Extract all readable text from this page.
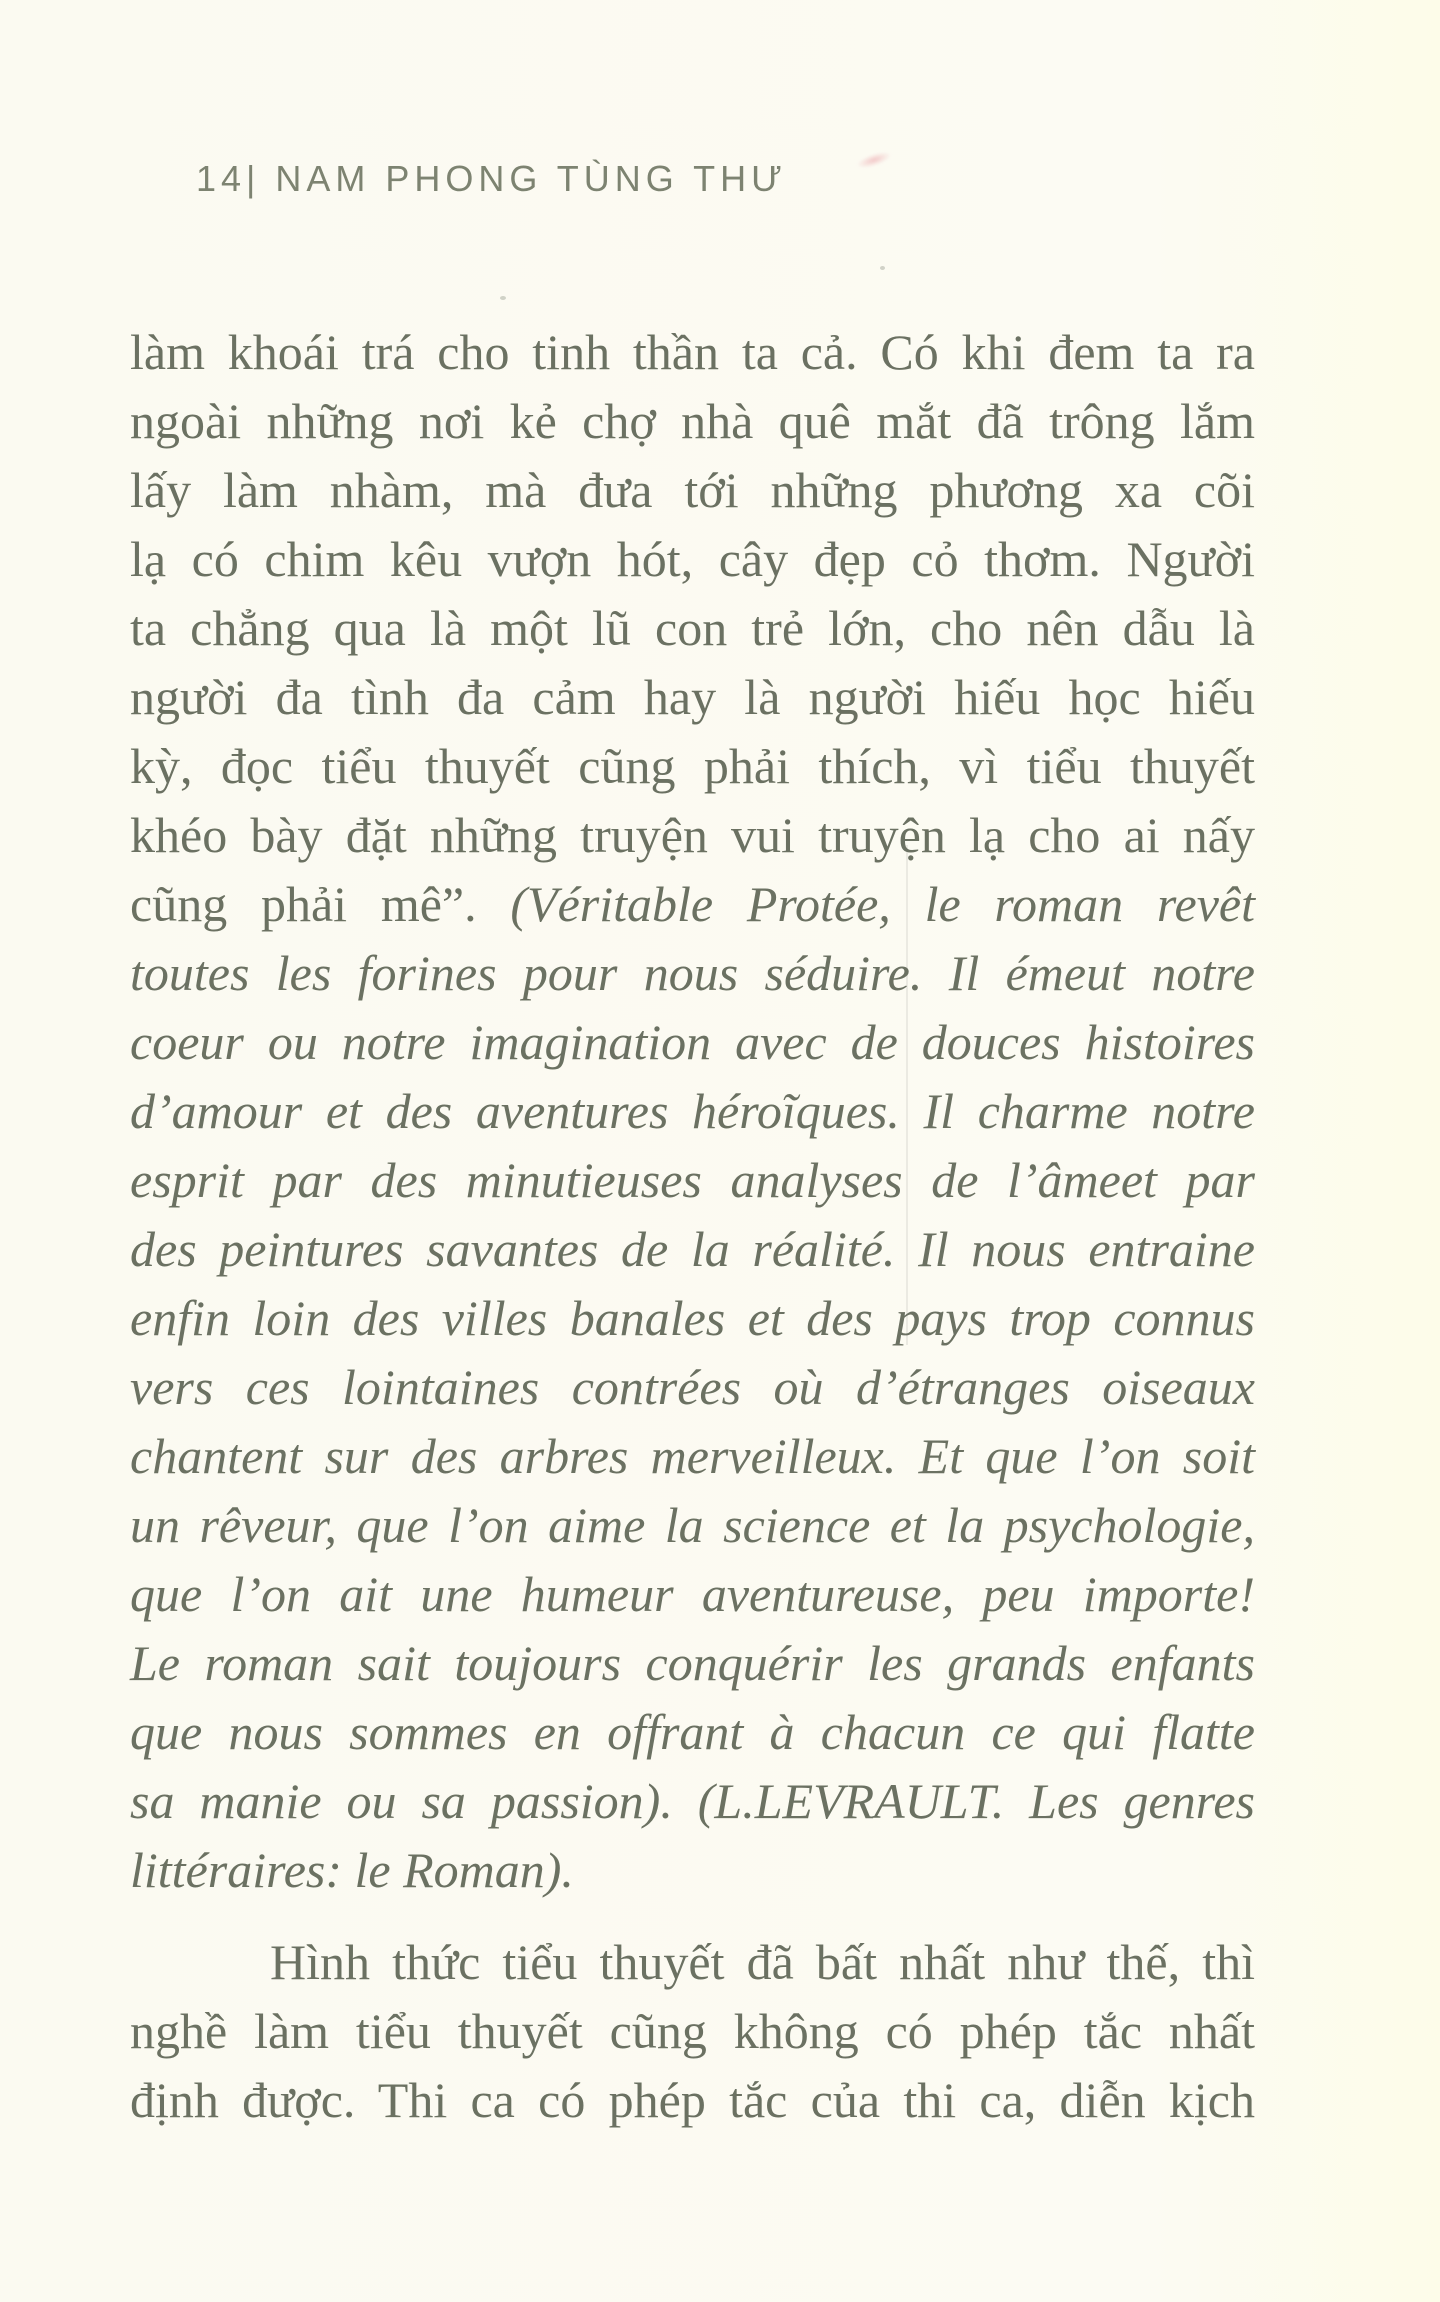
14| NAM PHONG TÙNG THƯ
làm khoái trá cho tinh thần ta cả. Có khi đem ta ra
ngoài những nơi kẻ chợ nhà quê mắt đã trông lắm
lấy làm nhàm, mà đưa tới những phương xa cõi
lạ có chim kêu vượn hót, cây đẹp cỏ thơm. Người
ta chẳng qua là một lũ con trẻ lớn, cho nên dẫu là
người đa tình đa cảm hay là người hiếu học hiếu
kỳ, đọc tiểu thuyết cũng phải thích, vì tiểu thuyết
khéo bày đặt những truyện vui truyện lạ cho ai nấy
cũng phải mê”. (Véritable Protée, le roman revêt
toutes les forines pour nous séduire. Il émeut notre
coeur ou notre imagination avec de douces histoires
d’amour et des aventures héroĩques. Il charme notre
esprit par des minutieuses analyses de l’âmeet par
des peintures savantes de la réalité. Il nous entraine
enfin loin des villes banales et des pays trop connus
vers ces lointaines contrées où d’étranges oiseaux
chantent sur des arbres merveilleux. Et que l’on soit
un rêveur, que l’on aime la science et la psychologie,
que l’on ait une humeur aventureuse, peu importe!
Le roman sait toujours conquérir les grands enfants
que nous sommes en offrant à chacun ce qui flatte
sa manie ou sa passion). (L.LEVRAULT. Les genres
littéraires: le Roman).
Hình thức tiểu thuyết đã bất nhất như thế, thì
nghề làm tiểu thuyết cũng không có phép tắc nhất
định được. Thi ca có phép tắc của thi ca, diễn kịch
